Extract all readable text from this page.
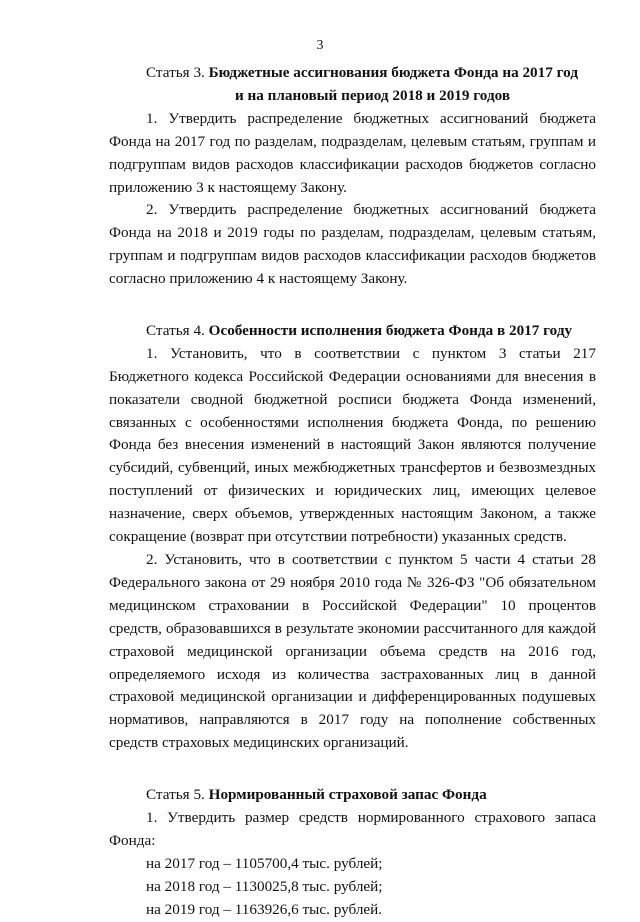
3
Статья 3. Бюджетные ассигнования бюджета Фонда на 2017 год
и на плановый период 2018 и 2019 годов

1. Утвердить распределение бюджетных ассигнований бюджета Фонда на 2017 год по разделам, подразделам, целевым статьям, группам и подгруппам видов расходов классификации расходов бюджетов согласно приложению 3 к настоящему Закону.

2. Утвердить распределение бюджетных ассигнований бюджета Фонда на 2018 и 2019 годы по разделам, подразделам, целевым статьям, группам и подгруппам видов расходов классификации расходов бюджетов согласно приложению 4 к настоящему Закону.

Статья 4. Особенности исполнения бюджета Фонда в 2017 году

1. Установить, что в соответствии с пунктом 3 статьи 217 Бюджетного кодекса Российской Федерации основаниями для внесения в показатели сводной бюджетной росписи бюджета Фонда изменений, связанных с особенностями исполнения бюджета Фонда, по решению Фонда без внесения изменений в настоящий Закон являются получение субсидий, субвенций, иных межбюджетных трансфертов и безвозмездных поступлений от физических и юридических лиц, имеющих целевое назначение, сверх объемов, утвержденных настоящим Законом, а также сокращение (возврат при отсутствии потребности) указанных средств.

2. Установить, что в соответствии с пунктом 5 части 4 статьи 28 Федерального закона от 29 ноября 2010 года № 326-ФЗ "Об обязательном медицинском страховании в Российской Федерации" 10 процентов средств, образовавшихся в результате экономии рассчитанного для каждой страховой медицинской организации объема средств на 2016 год, определяемого исходя из количества застрахованных лиц в данной страховой медицинской организации и дифференцированных подушевых нормативов, направляются в 2017 году на пополнение собственных средств страховых медицинских организаций.

Статья 5. Нормированный страховой запас Фонда

1. Утвердить размер средств нормированного страхового запаса Фонда:

на 2017 год – 1105700,4 тыс. рублей;
на 2018 год – 1130025,8 тыс. рублей;
на 2019 год – 1163926,6 тыс. рублей.
